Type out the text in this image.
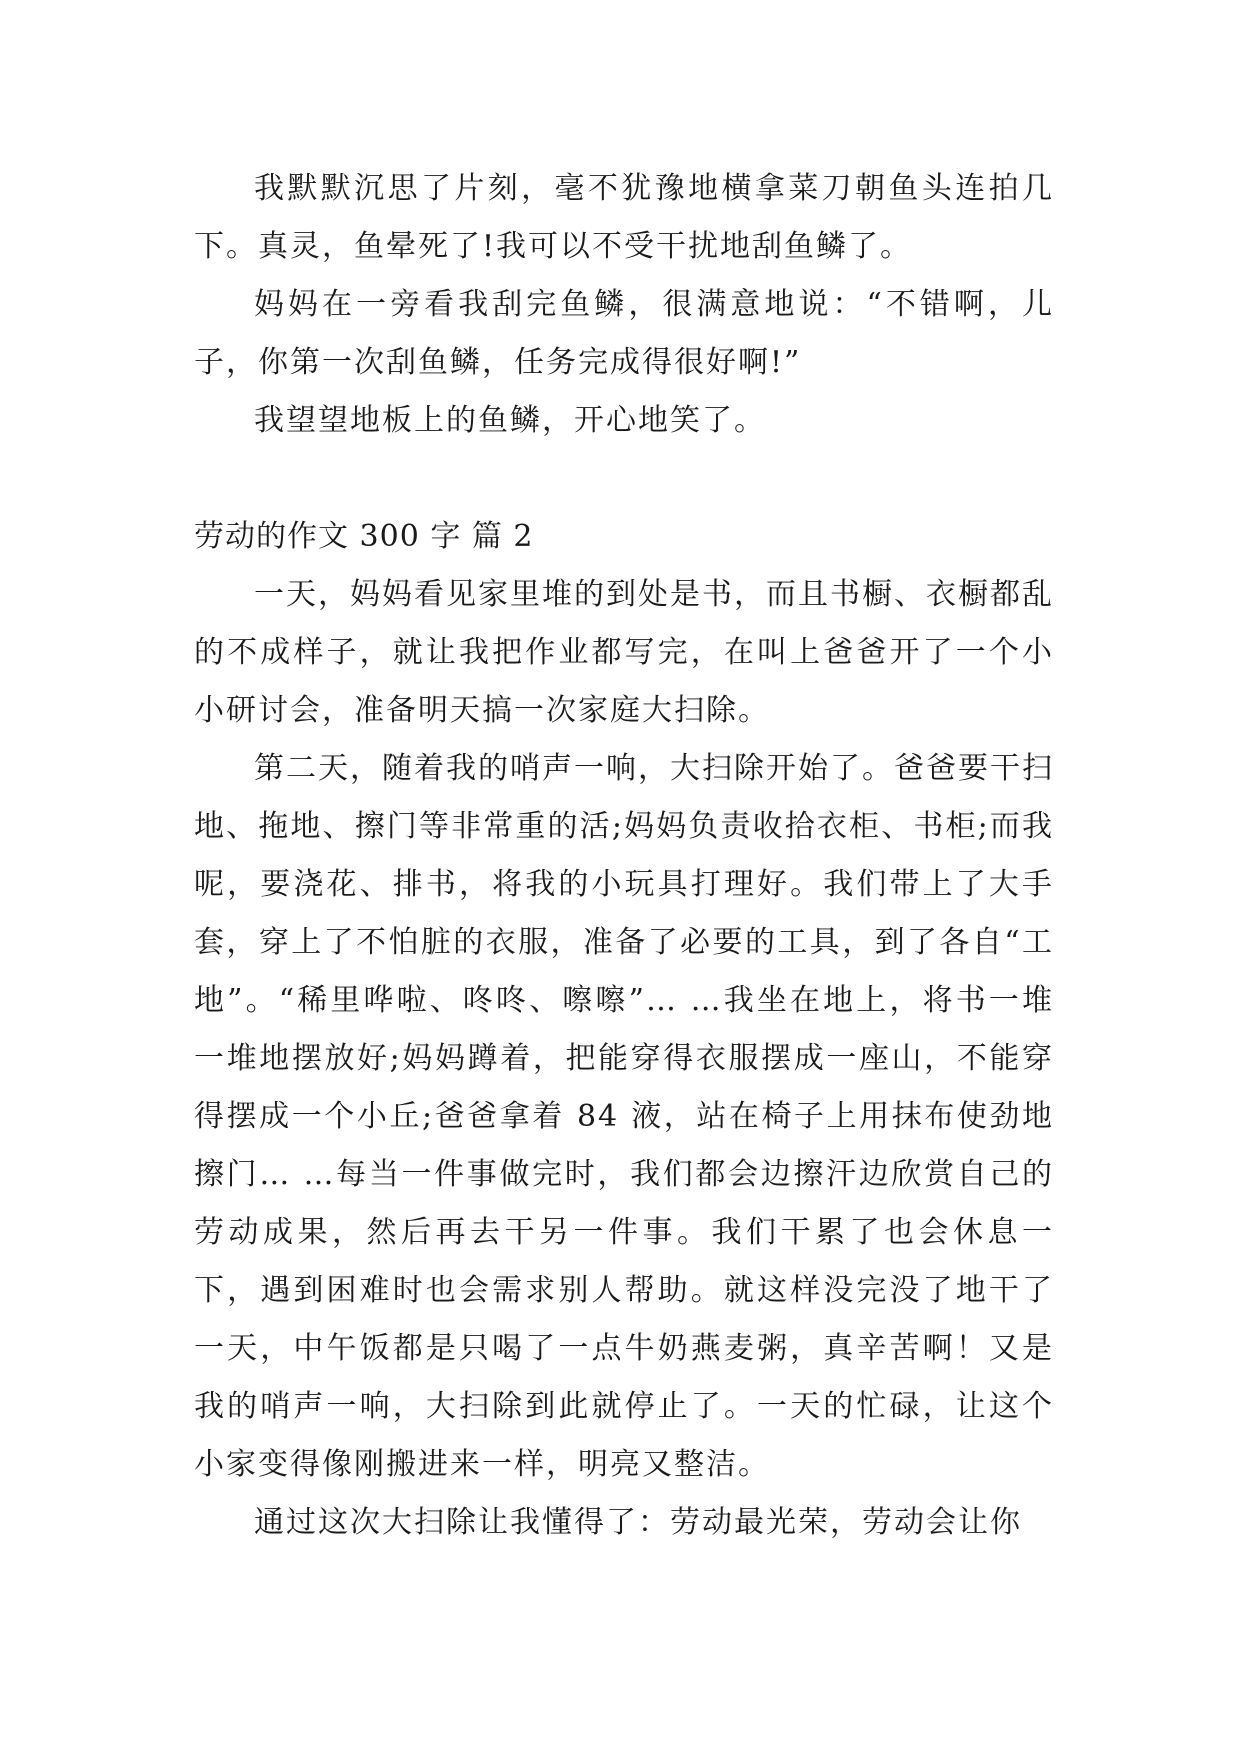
我默默沉思了片刻，毫不犹豫地横拿菜刀朝鱼头连拍几下。真灵，鱼晕死了!我可以不受干扰地刮鱼鳞了。

妈妈在一旁看我刮完鱼鳞，很满意地说：“不错啊，儿子，你第一次刮鱼鳞，任务完成得很好啊!”

我望望地板上的鱼鳞，开心地笑了。

劳动的作文 300 字 篇 2

一天，妈妈看见家里堆的到处是书，而且书橱、衣橱都乱的不成样子，就让我把作业都写完，在叫上爸爸开了一个小小研讨会，准备明天搞一次家庭大扫除。

第二天，随着我的哨声一响，大扫除开始了。爸爸要干扫地、拖地、擦门等非常重的活;妈妈负责收拾衣柜、书柜;而我呢，要浇花、排书，将我的小玩具打理好。我们带上了大手套，穿上了不怕脏的衣服，准备了必要的工具，到了各自“工地”。“稀里哗啦、咚咚、嚓嚓”… …我坐在地上，将书一堆一堆地摆放好;妈妈蹲着，把能穿得衣服摆成一座山，不能穿得摆成一个小丘;爸爸拿着 84 液，站在椅子上用抹布使劲地擦门… …每当一件事做完时，我们都会边擦汗边欣赏自己的劳动成果，然后再去干另一件事。我们干累了也会休息一下，遇到困难时也会需求别人帮助。就这样没完没了地干了一天，中午饭都是只喝了一点牛奶燕麦粥，真辛苦啊！又是我的哨声一响，大扫除到此就停止了。一天的忙碌，让这个小家变得像刚搬进来一样，明亮又整洁。

通过这次大扫除让我懂得了：劳动最光荣，劳动会让你
